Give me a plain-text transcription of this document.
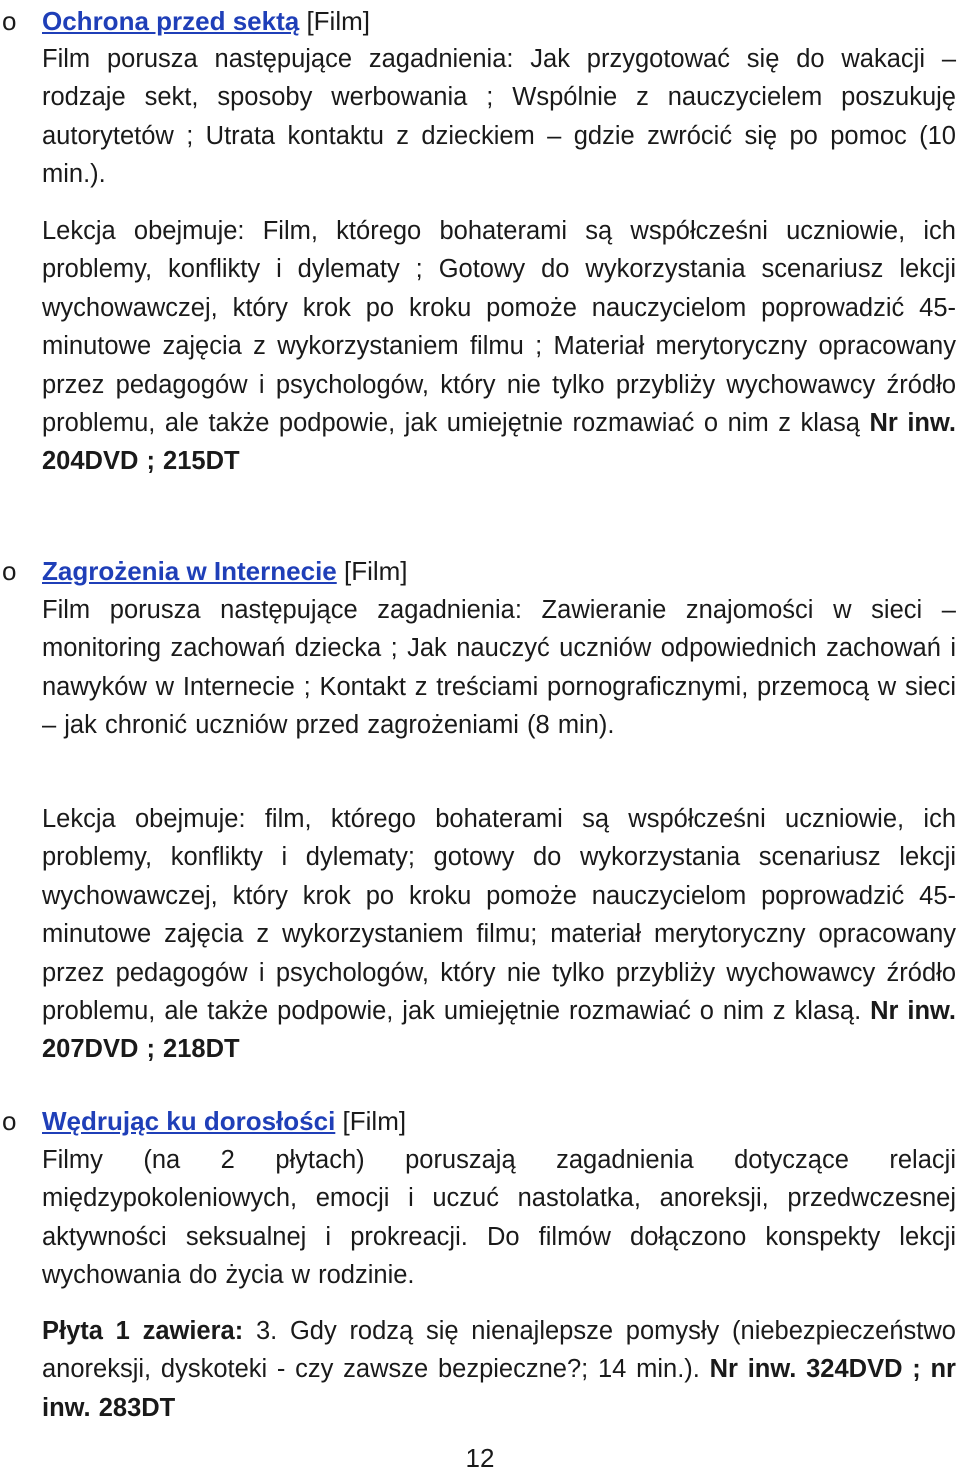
o Ochrona przed sektą [Film]
Film porusza następujące zagadnienia: Jak przygotować się do wakacji – rodzaje sekt, sposoby werbowania ; Wspólnie z nauczycielem poszukuję autorytetów ; Utrata kontaktu z dzieckiem – gdzie zwrócić się po pomoc (10 min.).
Lekcja obejmuje: Film, którego bohaterami są współcześni uczniowie, ich problemy, konflikty i dylematy ; Gotowy do wykorzystania scenariusz lekcji wychowawczej, który krok po kroku pomoże nauczycielom poprowadzić 45-minutowe zajęcia z wykorzystaniem filmu ; Materiał merytoryczny opracowany przez pedagogów i psychologów, który nie tylko przybliży wychowawcy źródło problemu, ale także podpowie, jak umiejętnie rozmawiać o nim z klasą Nr inw. 204DVD ; 215DT
o Zagrożenia w Internecie [Film]
Film porusza następujące zagadnienia: Zawieranie znajomości w sieci – monitoring zachowań dziecka ; Jak nauczyć uczniów odpowiednich zachowań i nawyków w Internecie ; Kontakt z treściami pornograficznymi, przemocą w sieci – jak chronić uczniów przed zagrożeniami (8 min).
Lekcja obejmuje: film, którego bohaterami są współcześni uczniowie, ich problemy, konflikty i dylematy; gotowy do wykorzystania scenariusz lekcji wychowawczej, który krok po kroku pomoże nauczycielom poprowadzić 45-minutowe zajęcia z wykorzystaniem filmu; materiał merytoryczny opracowany przez pedagogów i psychologów, który nie tylko przybliży wychowawcy źródło problemu, ale także podpowie, jak umiejętnie rozmawiać o nim z klasą. Nr inw. 207DVD ; 218DT
o Wędrując ku dorosłości [Film]
Filmy (na 2 płytach) poruszają zagadnienia dotyczące relacji międzypokoleniowych, emocji i uczuć nastolatka, anoreksji, przedwczesnej aktywności seksualnej i prokreacji. Do filmów dołączono konspekty lekcji wychowania do życia w rodzinie.
Płyta 1 zawiera: 3. Gdy rodzą się nienajlepsze pomysły (niebezpieczeństwo anoreksji, dyskoteki - czy zawsze bezpieczne?; 14 min.). Nr inw. 324DVD ; nr inw. 283DT
12
